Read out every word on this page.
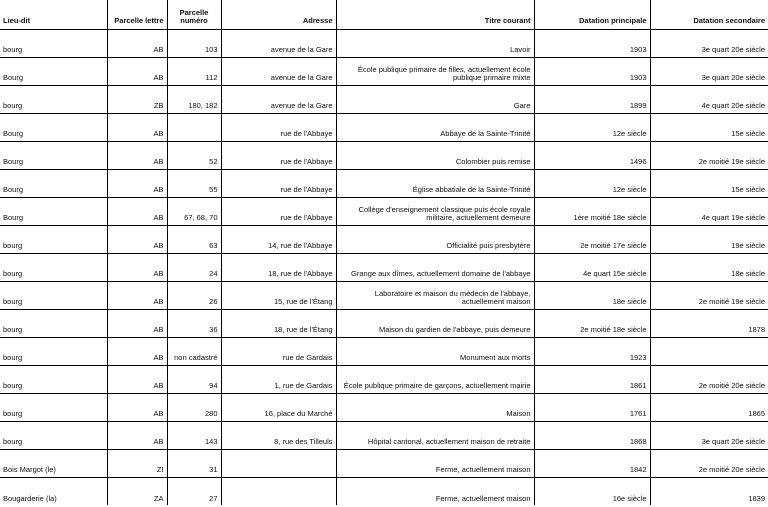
Lieu-dit	Parcelle lettre	Parcelle numéro	Adresse	Titre courant	Datation principale	Datation secondaire
bourg	AB	103	avenue de la Gare	Lavoir	1903	3e quart 20e siècle
Bourg	AB	112	avenue de la Gare	École publique primaire de filles, actuellement école publique primaire mixte	1903	3e quart 20e siècle
bourg	ZB	180, 182	avenue de la Gare	Gare	1899	4e quart 20e siècle
Bourg	AB		rue de l'Abbaye	Abbaye de la Sainte-Trinité	12e siècle	15e siècle
Bourg	AB	52	rue de l'Abbaye	Colombier puis remise	1496	2e moitié 19e siècle
Bourg	AB	55	rue de l'Abbaye	Église abbatiale de la Sainte-Trinité	12e siècle	15e siècle
Bourg	AB	67, 68, 70	rue de l'Abbaye	Collège d'enseignement classique puis école royale militaire, actuellement demeure	1ère moitié 18e siècle	4e quart 19e siècle
bourg	AB	63	14, rue de l'Abbaye	Officialité puis presbytère	2e moitié 17e siècle	19e siècle
bourg	AB	24	18, rue de l'Abbaye	Grange aux dîmes, actuellement domaine de l'abbaye	4e quart 15e siècle	18e siècle
bourg	AB	26	15, rue de l'Étang	Laboratoire et maison du médecin de l'abbaye, actuellement maison	18e siècle	2e moitié 19e siècle
bourg	AB	36	18, rue de l'Étang	Maison du gardien de l'abbaye, puis demeure	2e moitié 18e siècle	1878
bourg	AB	non cadastré	rue de Gardais	Monument aux morts	1923	
bourg	AB	94	1, rue de Gardais	École publique primaire de garçons, actuellement mairie	1861	2e moitié 20e siècle
bourg	AB	280	16, place du Marché	Maison	1761	1865
bourg	AB	143	8, rue des Tilleuls	Hôpital cantonal, actuellement maison de retraite	1868	3e quart 20e siècle
Bois Margot (le)	ZI	31		Ferme, actuellement maison	1842	2e moitié 20e siècle
Bougarderie (la)	ZA	27		Ferme, actuellement maison	16e siècle	1839
